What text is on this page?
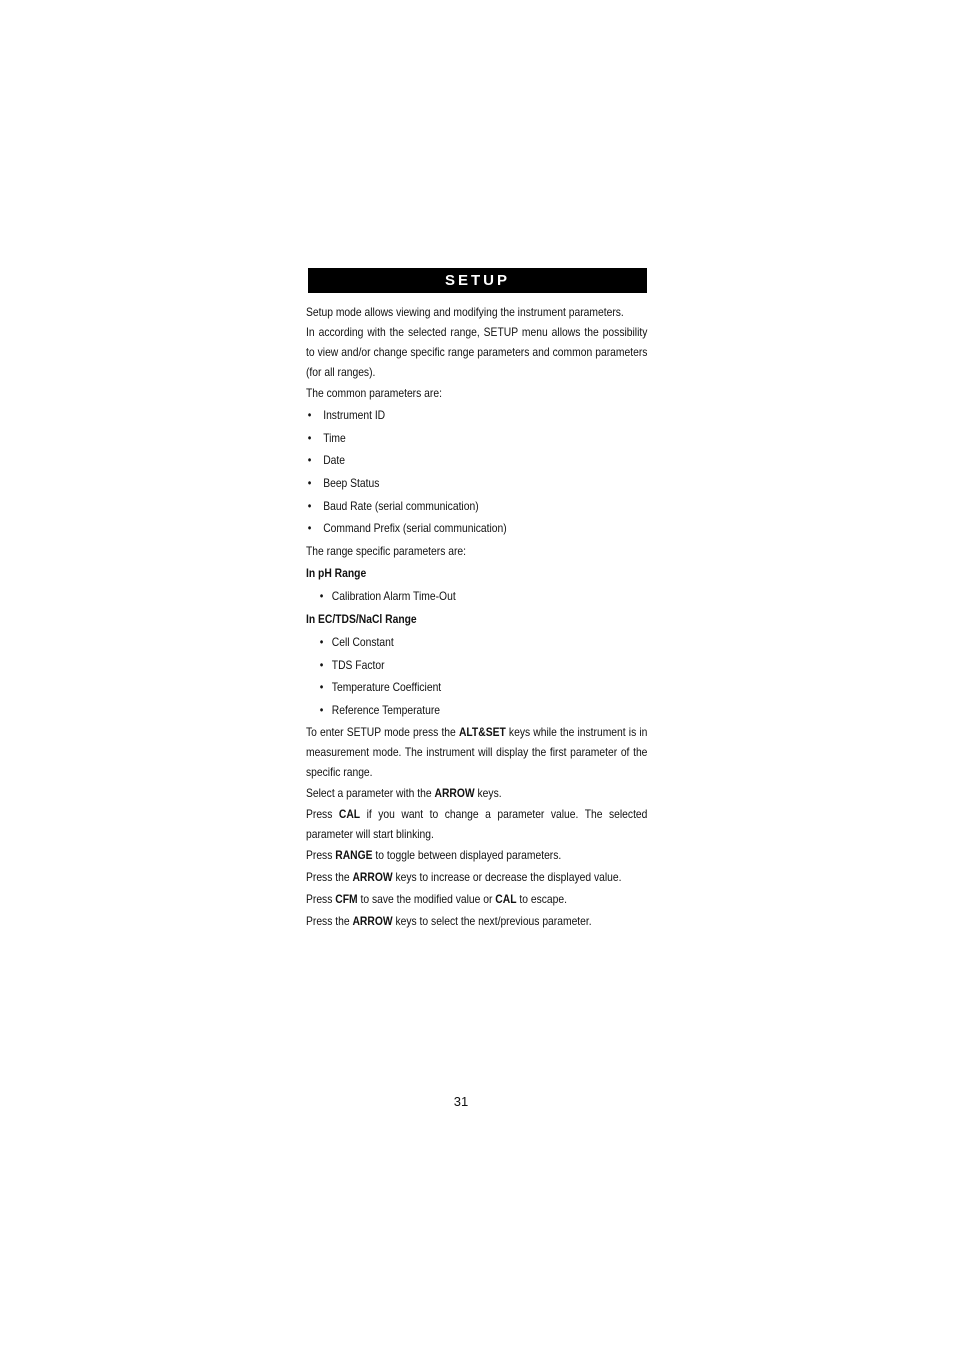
SETUP

Setup mode allows viewing and modifying the instrument parameters.

In according with the selected range, SETUP menu allows the possibility to view and/or change specific range parameters and common parameters (for all ranges).

The common parameters are:

• Instrument ID
• Time
• Date
• Beep Status
• Baud Rate (serial communication)
• Command Prefix (serial communication)

The range specific parameters are:

In pH Range
• Calibration Alarm Time-Out
In EC/TDS/NaCl Range
• Cell Constant
• TDS Factor
• Temperature Coefficient
• Reference Temperature

To enter SETUP mode press the ALT&SET keys while the instrument is in measurement mode. The instrument will display the first parameter of the specific range.

Select a parameter with the ARROW keys.

Press CAL if you want to change a parameter value. The selected parameter will start blinking.

Press RANGE to toggle between displayed parameters.

Press the ARROW keys to increase or decrease the displayed value.

Press CFM to save the modified value or CAL to escape.

Press the ARROW keys to select the next/previous parameter.

31
